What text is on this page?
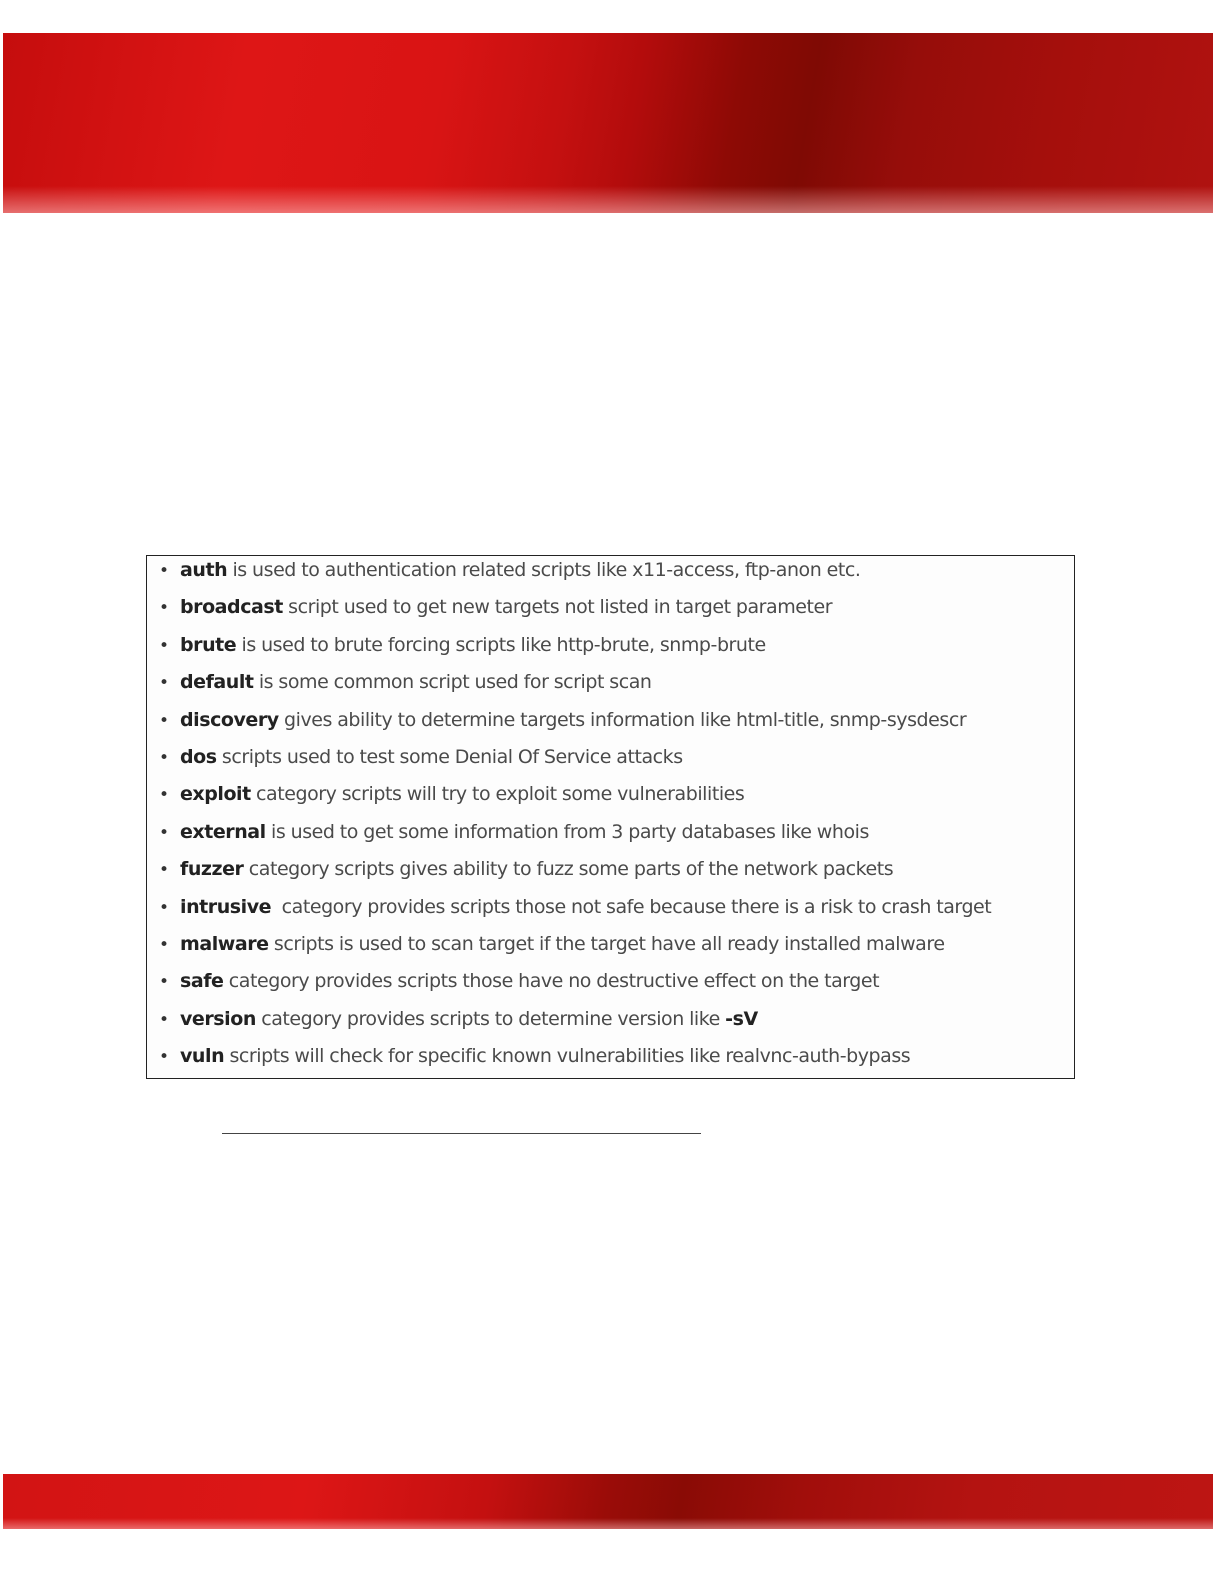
• auth is used to authentication related scripts like x11-access, ftp-anon etc.
• broadcast script used to get new targets not listed in target parameter
• brute is used to brute forcing scripts like http-brute, snmp-brute
• default is some common script used for script scan
• discovery gives ability to determine targets information like html-title, snmp-sysdescr
• dos scripts used to test some Denial Of Service attacks
• exploit category scripts will try to exploit some vulnerabilities
• external is used to get some information from 3 party databases like whois
• fuzzer category scripts gives ability to fuzz some parts of the network packets
• intrusive  category provides scripts those not safe because there is a risk to crash target
• malware scripts is used to scan target if the target have all ready installed malware
• safe category provides scripts those have no destructive effect on the target
• version category provides scripts to determine version like -sV
• vuln scripts will check for specific known vulnerabilities like realvnc-auth-bypass
